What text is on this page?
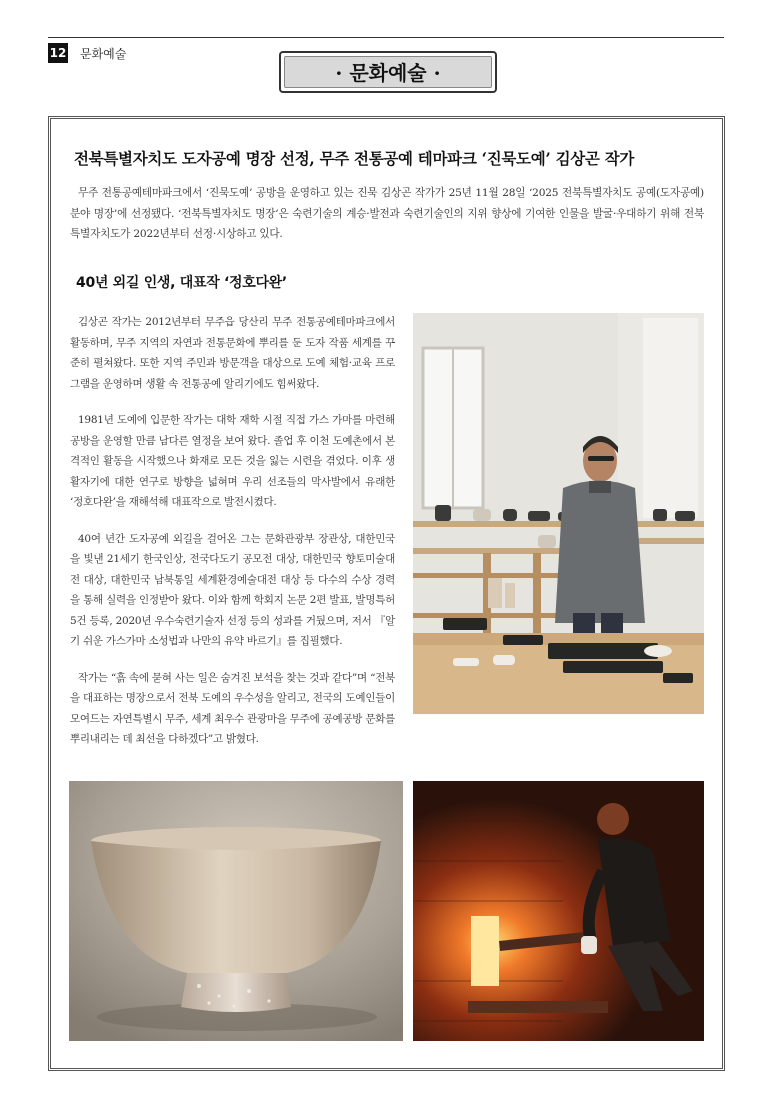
12 문화예술
· 문화예술 ·
전북특별자치도 도자공예 명장 선정, 무주 전통공예 테마파크 ‘진묵도예’ 김상곤 작가

무주 전통공예테마파크에서 ‘진묵도예’ 공방을 운영하고 있는 진묵 김상곤 작가가 25년 11월 28일 ‘2025 전북특별자치도 공예(도자공예) 분야 명장’에 선정됐다. ‘전북특별자치도 명장’은 숙련기술의 계승·발전과 숙련기술인의 지위 향상에 기여한 인물을 발굴·우대하기 위해 전북특별자치도가 2022년부터 선정·시상하고 있다.

40년 외길 인생, 대표작 ‘정호다완’

김상곤 작가는 2012년부터 무주읍 당산리 무주 전통공예테마파크에서 활동하며, 무주 지역의 자연과 전통문화에 뿌리를 둔 도자 작품 세계를 꾸준히 펼쳐왔다. 또한 지역 주민과 방문객을 대상으로 도예 체험·교육 프로그램을 운영하며 생활 속 전통공예 알리기에도 힘써왔다.

1981년 도예에 입문한 작가는 대학 재학 시절 직접 가스 가마를 마련해 공방을 운영할 만큼 남다른 열정을 보여 왔다. 졸업 후 이천 도예촌에서 본격적인 활동을 시작했으나 화재로 모든 것을 잃는 시련을 겪었다. 이후 생활자기에 대한 연구로 방향을 넓혀며 우리 선조들의 막사발에서 유래한 ‘정호다완’을 재해석해 대표작으로 발전시켰다.

40여 년간 도자공예 외길을 걸어온 그는 문화관광부 장관상, 대한민국을 빛낸 21세기 한국인상, 전국다도기 공모전 대상, 대한민국 향토미술대전 대상, 대한민국 남북통일 세계환경예술대전 대상 등 다수의 수상 경력을 통해 실력을 인정받아 왔다. 이와 함께 학회지 논문 2편 발표, 발명특허 5건 등록, 2020년 우수숙련기술자 선정 등의 성과를 거뒀으며, 저서 『알기 쉬운 가스가마 소성법과 나만의 유약 바르기』를 집필했다.

작가는 “흙 속에 묻혀 사는 일은 숨겨진 보석을 찾는 것과 같다”며 “전북을 대표하는 명장으로서 전북 도예의 우수성을 알리고, 전국의 도예인들이 모여드는 자연특별시 무주, 세계 최우수 관광마을 무주에 공예공방 문화를 뿌리내리는 데 최선을 다하겠다”고 밝혔다.
